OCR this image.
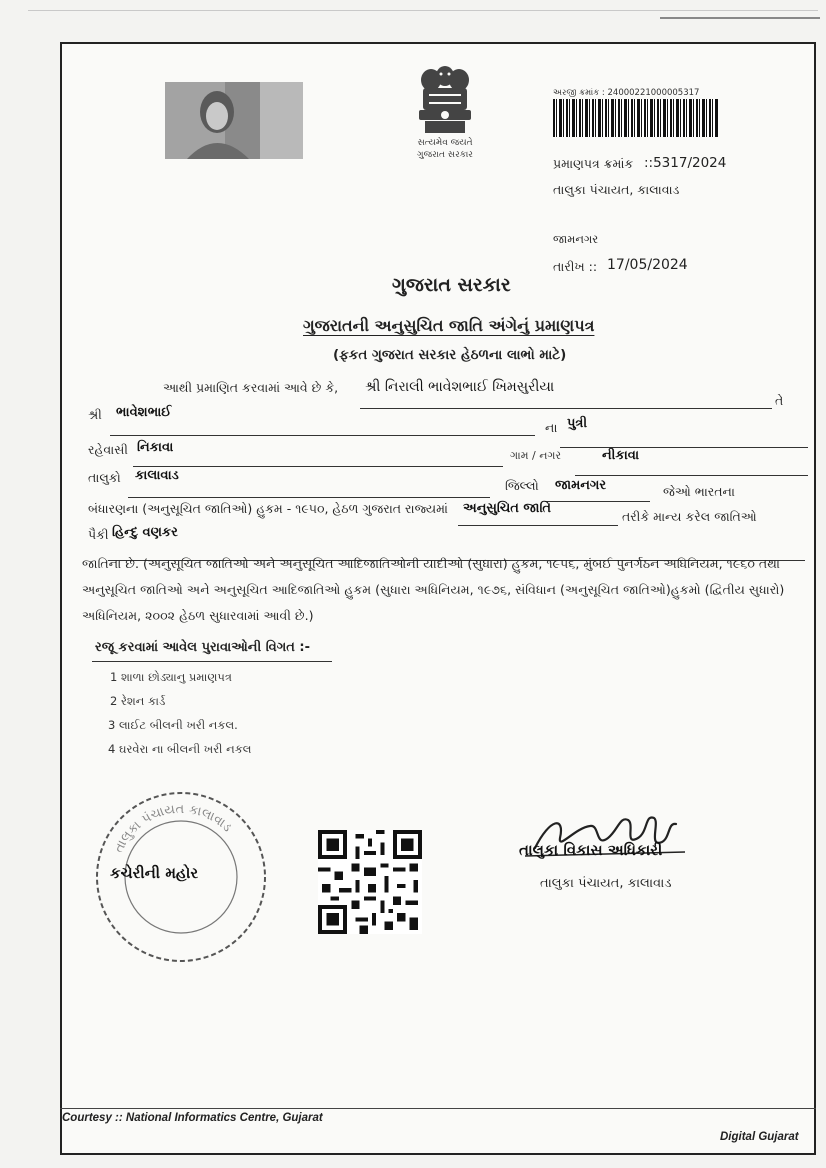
સત્યમેવ જયતે
ગુજરાત સરકાર
અરજી ક્રમાંક : 24000221000005317
પ્રમાણપત્ર ક્રમાંક ::5317/2024
તાલુકા પંચાયત, કાલાવાડ
જામનગર
તારીખ :: 17/05/2024
ગુજરાત સરકાર
ગુજરાતની અનુસુચિત જાતિ અંગેનું પ્રમાણપત્ર
(ફકત ગુજરાત સરકાર હેઠળના લાભો માટે)
આથી પ્રમાણિત કરવામાં આવે છે કે, શ્રી નિરાલી ભાવેશભાઈ ખિમસુરીયા
તે
શ્રી ભાવેશભાઈ
ના પુત્રી
રહેવાસી નિકાવા
ગામ / નગર	નીકાવા
તાલુકો કાલાવાડ
જિલ્લો જામનગર	જેઓ ભારતના
બંધારણના (અનુસૂચિત જાતિઓ) હુકમ - ૧૯૫૦, હેઠળ ગુજરાત રાજ્યમાં અનુસુચિત જાતિ
તરીકે માન્ય કરેલ જાતિઓ
પૈકી હિન્દુ વણકર
જાતિના છે. (અનુસૂચિત જાતિઓ અને અનુસૂચિત આદિજાતિઓની યાદીઓ (સુધારા) હુકમ, ૧૯૫૬, મુંબઈ પુનર્ગઠન અધિનિયમ, ૧૯૬૦ તથા અનુસૂચિત જાતિઓ અને અનુસૂચિત આદિજાતિઓ હુકમ (સુધારા અધિનિયમ, ૧૯૭૬, સંવિધાન (અનુસૂચિત જાતિઓ)હુકમો (દ્વિતીય સુધારો) અધિનિયમ, ૨૦૦૨ હેઠળ સુધારવામાં આવી છે.)
રજૂ કરવામાં આવેલ પુરાવાઓની વિગત :-
1 શાળા છોડ્યાનુ પ્રમાણપત્ર
2 રેશન કાર્ડ
3 લાઈટ બીલની ખરી નકલ.
4 ઘરવેરા ના બીલની ખરી નકલ
તાલુકા પંચાયત કાલાવાડ
કચેરીની મહોર
તાલુકા વિકાસ અધિકારી
તાલુકા પંચાયત, કાલાવાડ
Courtesy :: National Informatics Centre, Gujarat
Digital Gujarat
